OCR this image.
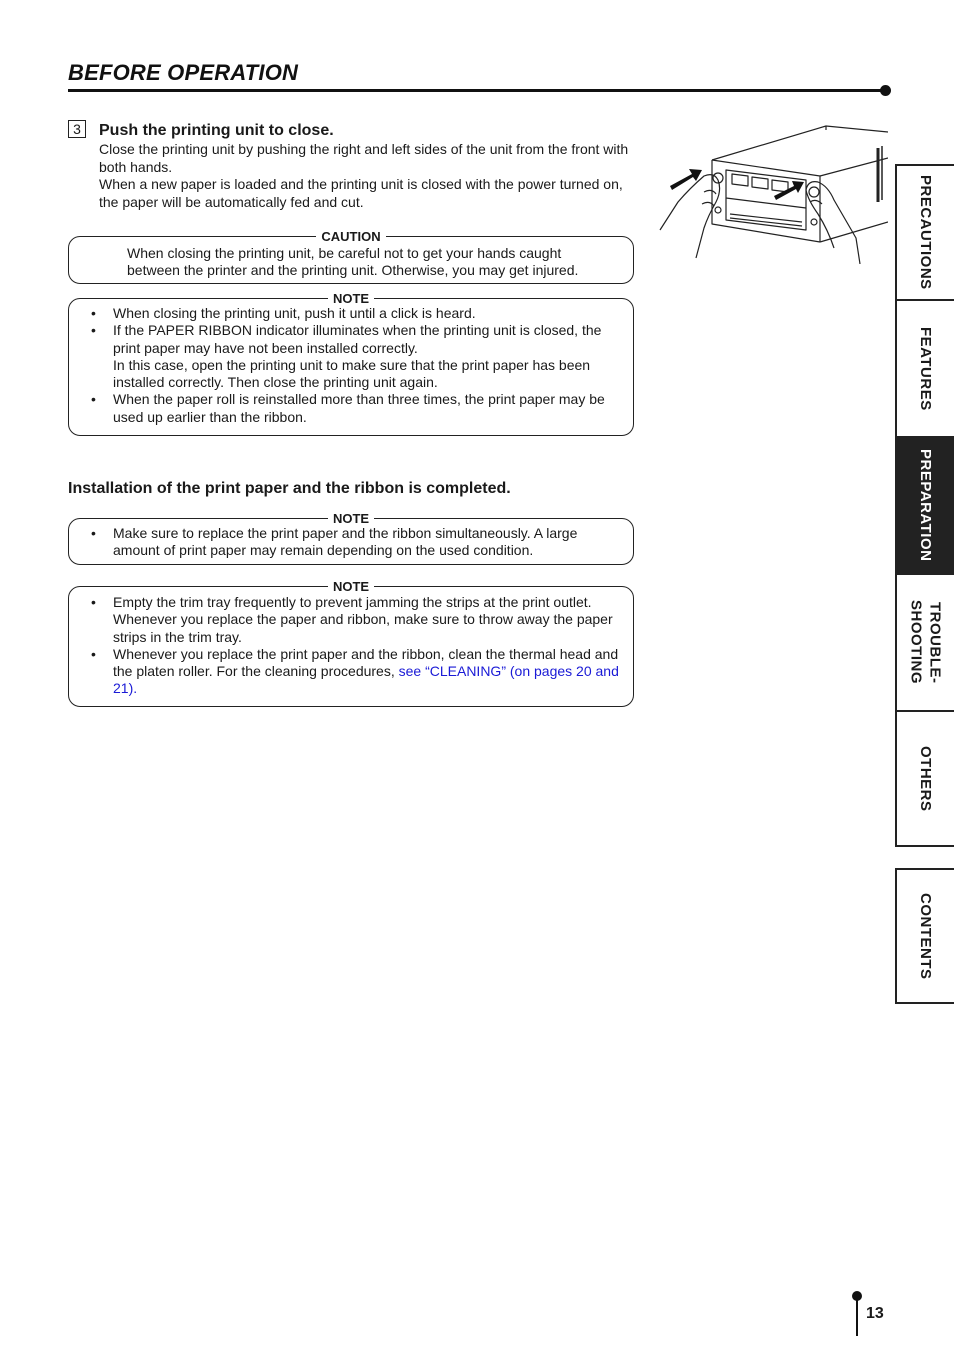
BEFORE OPERATION
3	Push the printing unit to close.

Close the printing unit by pushing the right and left sides of the unit from the front with both hands.

When a new paper is loaded and the printing unit is closed with the power turned on, the paper will be automatically fed and cut.

CAUTION
When closing the printing unit, be careful not to get your hands caught between the printer and the printing unit. Otherwise, you may get injured.
NOTE

• When closing the printing unit, push it until a click is heard.

• If the PAPER RIBBON indicator illuminates when the printing unit is closed, the print paper may have not been installed correctly.

In this case, open the printing unit to make sure that the print paper has been installed correctly. Then close the printing unit again.

• When the paper roll is reinstalled more than three times, the print paper may be used up earlier than the ribbon.

Installation of the print paper and the ribbon is completed.
NOTE

• Make sure to replace the print paper and the ribbon simultaneously. A large amount of print paper may remain depending on the used condition.

NOTE

• Empty the trim tray frequently to prevent jamming the strips at the print outlet. Whenever you replace the paper and ribbon, make sure to throw away the paper strips in the trim tray.

• Whenever you replace the print paper and the ribbon, clean the thermal head and the platen roller. For the cleaning procedures, see “CLEANING” (on pages 20 and 21).

PRECAUTIONS
FEATURES
PREPARATION
TROUBLE-
SHOOTING
OTHERS
CONTENTS
13
